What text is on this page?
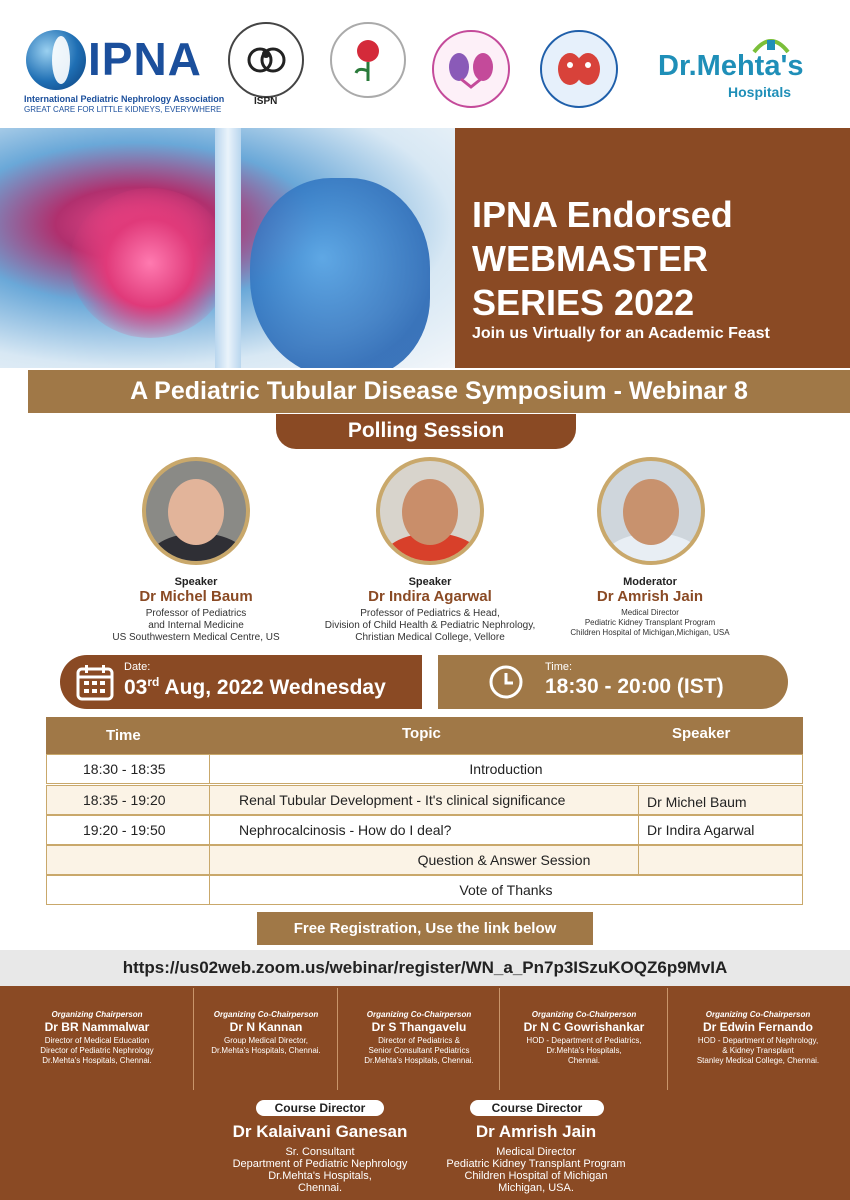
IPNA
International Pediatric Nephrology Association
GREAT CARE FOR LITTLE KIDNEYS, EVERYWHERE
ISPN
Dr.Mehta's
Hospitals
IPNA Endorsed
WEBMASTER
SERIES 2022
Join us Virtually for an Academic Feast
A Pediatric Tubular Disease Symposium - Webinar 8
Polling Session
Speaker
Dr Michel Baum
Professor of Pediatrics
and Internal Medicine
US Southwestern Medical Centre, US
Speaker
Dr Indira Agarwal
Professor of Pediatrics & Head,
Division of Child Health & Pediatric Nephrology,
Christian Medical College, Vellore
Moderator
Dr Amrish Jain
Medical Director
Pediatric Kidney Transplant Program
Children Hospital of Michigan,Michigan, USA
Date:
03rd Aug, 2022 Wednesday
Time:
18:30 - 20:00 (IST)
Time	Topic	Speaker
18:30 - 18:35	Introduction
18:35 - 19:20	Renal Tubular Development - It's clinical significance	Dr Michel Baum
19:20 - 19:50	Nephrocalcinosis - How do I deal?	Dr Indira Agarwal
Question & Answer Session
Vote of Thanks
Free Registration, Use the link below
https://us02web.zoom.us/webinar/register/WN_a_Pn7p3ISzuKOQZ6p9MvIA
Organizing Chairperson
Dr BR Nammalwar
Director of Medical Education
Director of Pediatric Nephrology
Dr.Mehta's Hospitals, Chennai.
Organizing Co-Chairperson
Dr N Kannan
Group Medical Director,
Dr.Mehta's Hospitals, Chennai.
Organizing Co-Chairperson
Dr S Thangavelu
Director of Pediatrics &
Senior Consultant Pediatrics
Dr.Mehta's Hospitals, Chennai.
Organizing Co-Chairperson
Dr N C Gowrishankar
HOD - Department of Pediatrics,
Dr.Mehta's Hospitals,
Chennai.
Organizing Co-Chairperson
Dr Edwin Fernando
HOD - Department of Nephrology,
& Kidney Transplant
Stanley Medical College, Chennai.
Course Director
Dr Kalaivani Ganesan
Sr. Consultant
Department of Pediatric Nephrology
Dr.Mehta's Hospitals,
Chennai.
Course Director
Dr Amrish Jain
Medical Director
Pediatric Kidney Transplant Program
Children Hospital of Michigan
Michigan, USA.
